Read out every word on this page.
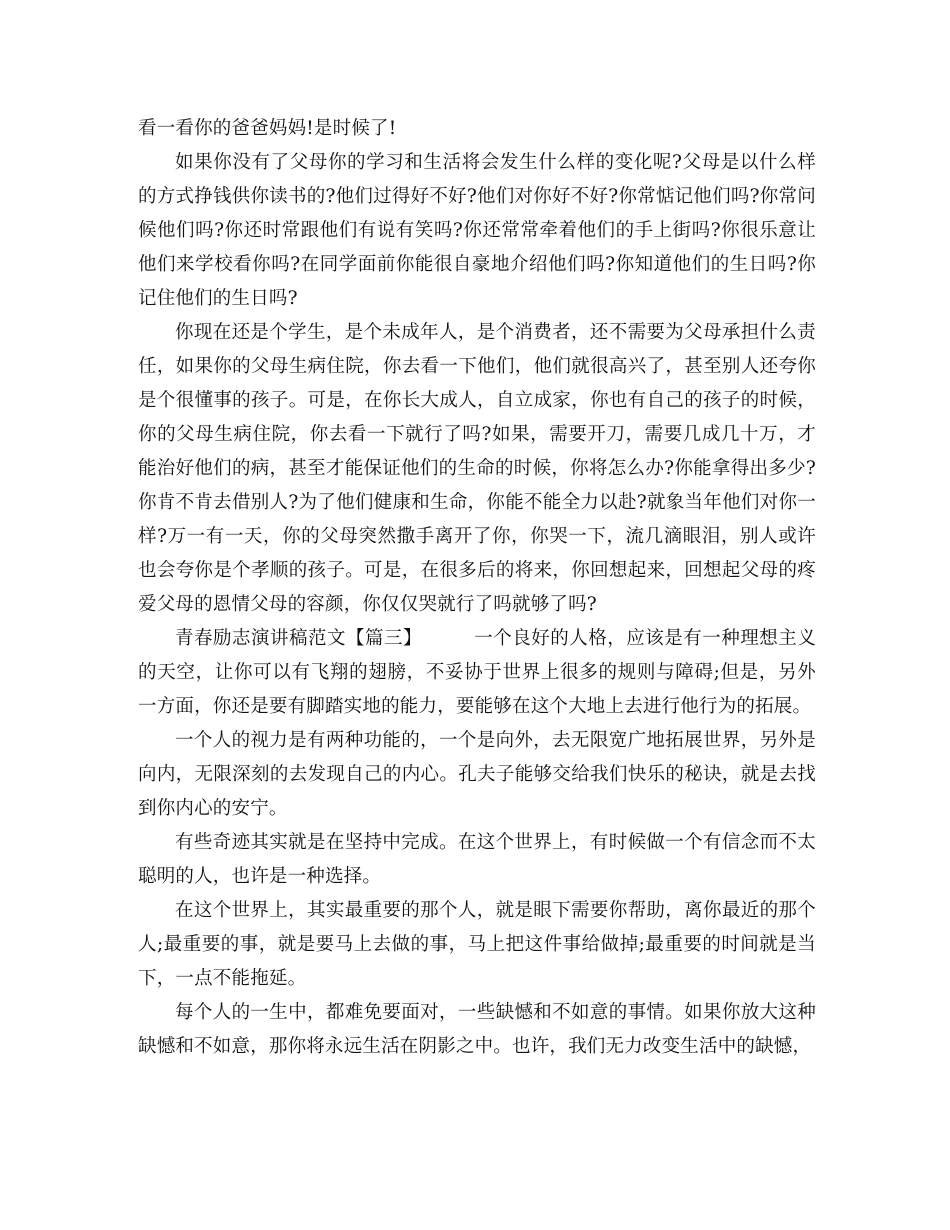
看一看你的爸爸妈妈!是时候了!

如果你没有了父母你的学习和生活将会发生什么样的变化呢?父母是以什么样的方式挣钱供你读书的?他们过得好不好?他们对你好不好?你常惦记他们吗?你常问候他们吗?你还时常跟他们有说有笑吗?你还常常牵着他们的手上街吗?你很乐意让他们来学校看你吗?在同学面前你能很自豪地介绍他们吗?你知道他们的生日吗?你记住他们的生日吗?

你现在还是个学生，是个未成年人，是个消费者，还不需要为父母承担什么责任，如果你的父母生病住院，你去看一下他们，他们就很高兴了，甚至别人还夸你是个很懂事的孩子。可是，在你长大成人，自立成家，你也有自己的孩子的时候，你的父母生病住院，你去看一下就行了吗?如果，需要开刀，需要几成几十万，才能治好他们的病，甚至才能保证他们的生命的时候，你将怎么办?你能拿得出多少?你肯不肯去借别人?为了他们健康和生命，你能不能全力以赴?就象当年他们对你一样?万一有一天，你的父母突然撒手离开了你，你哭一下，流几滴眼泪，别人或许也会夸你是个孝顺的孩子。可是，在很多后的将来，你回想起来，回想起父母的疼爱父母的恩情父母的容颜，你仅仅哭就行了吗就够了吗?

青春励志演讲稿范文【篇三】	一个良好的人格，应该是有一种理想主义的天空，让你可以有飞翔的翅膀，不妥协于世界上很多的规则与障碍;但是，另外一方面，你还是要有脚踏实地的能力，要能够在这个大地上去进行他行为的拓展。

一个人的视力是有两种功能的，一个是向外，去无限宽广地拓展世界，另外是向内，无限深刻的去发现自己的内心。孔夫子能够交给我们快乐的秘诀，就是去找到你内心的安宁。

有些奇迹其实就是在坚持中完成。在这个世界上，有时候做一个有信念而不太聪明的人，也许是一种选择。

在这个世界上，其实最重要的那个人，就是眼下需要你帮助，离你最近的那个人;最重要的事，就是要马上去做的事，马上把这件事给做掉;最重要的时间就是当下，一点不能拖延。

每个人的一生中，都难免要面对，一些缺憾和不如意的事情。如果你放大这种缺憾和不如意，那你将永远生活在阴影之中。也许，我们无力改变生活中的缺憾，
